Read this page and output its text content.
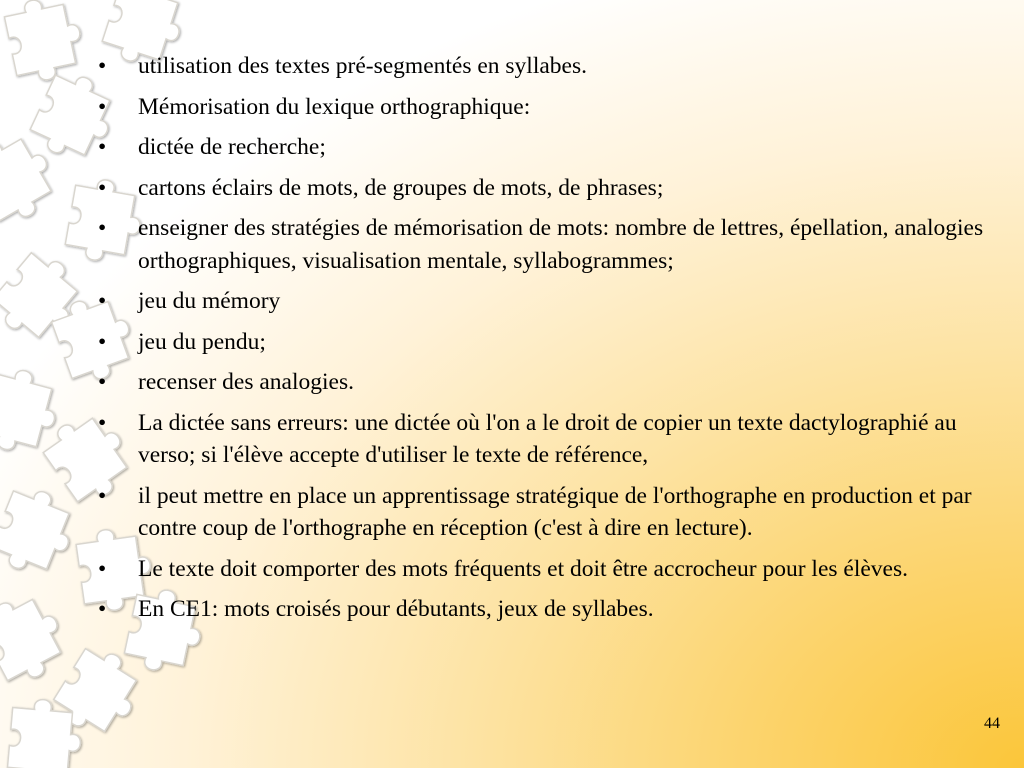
• utilisation des textes pré-segmentés en syllabes.
• Mémorisation du lexique orthographique:
• dictée de recherche;
• cartons éclairs de mots, de groupes de mots, de phrases;
• enseigner des stratégies de mémorisation de mots: nombre de lettres, épellation, analogies orthographiques, visualisation mentale, syllabogrammes;
• jeu du mémory
• jeu du pendu;
• recenser des analogies.
• La dictée sans erreurs: une dictée où l'on a le droit de copier un texte dactylographié au verso; si l'élève accepte d'utiliser le texte de référence,
• il peut mettre en place un apprentissage stratégique de l'orthographe en production et par contre coup de l'orthographe en réception (c'est à dire en lecture).
• Le texte doit comporter des mots fréquents et doit être accrocheur pour les élèves.
• En CE1: mots croisés pour débutants, jeux de syllabes.
44
